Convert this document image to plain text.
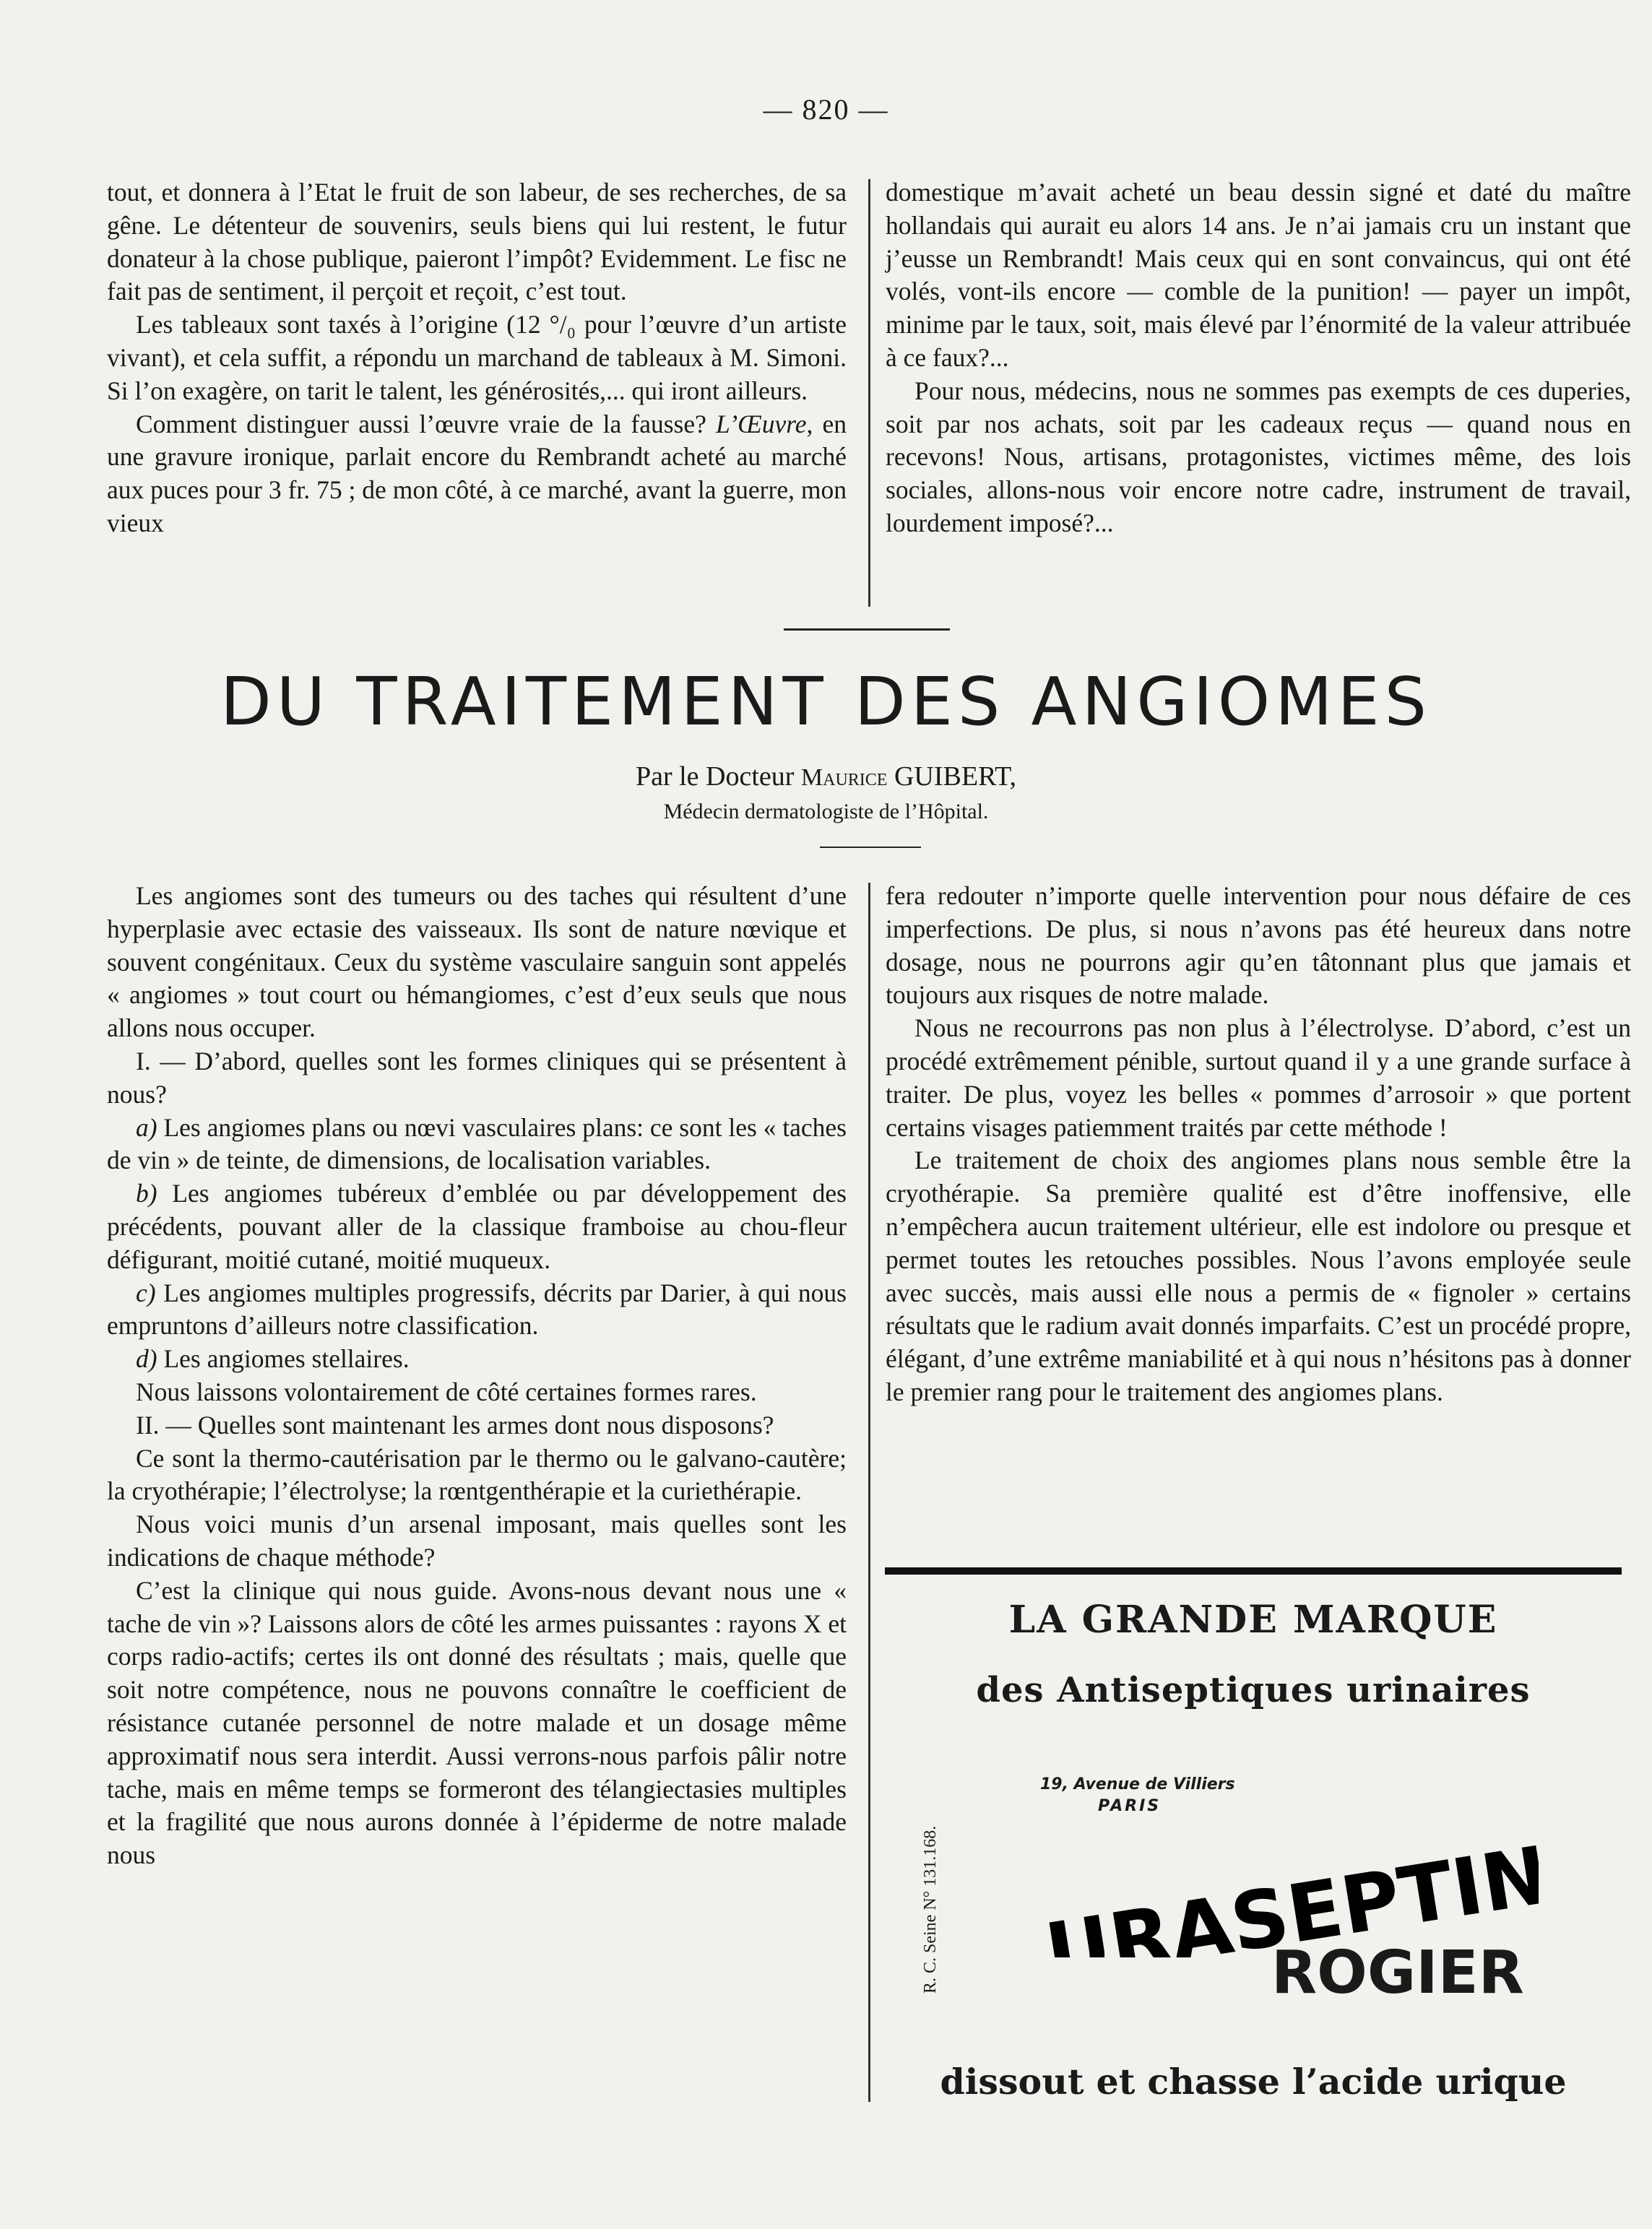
— 820 —

tout, et donnera à l’Etat le fruit de son labeur, de ses recherches, de sa gêne. Le détenteur de souvenirs, seuls biens qui lui restent, le futur donateur à la chose publique, paieront l’impôt? Evidemment. Le fisc ne fait pas de sentiment, il perçoit et reçoit, c’est tout.

Les tableaux sont taxés à l’origine (12 °/₀ pour l’œuvre d’un artiste vivant), et cela suffit, a répondu un marchand de tableaux à M. Simoni. Si l’on exagère, on tarit le talent, les générosités,... qui iront ailleurs.

Comment distinguer aussi l’œuvre vraie de la fausse? L’Œuvre, en une gravure ironique, parlait encore du Rembrandt acheté au marché aux puces pour 3 fr. 75 ; de mon côté, à ce marché, avant la guerre, mon vieux

domestique m’avait acheté un beau dessin signé et daté du maître hollandais qui aurait eu alors 14 ans. Je n’ai jamais cru un instant que j’eusse un Rembrandt! Mais ceux qui en sont convaincus, qui ont été volés, vont-ils encore — comble de la punition! — payer un impôt, minime par le taux, soit, mais élevé par l’énormité de la valeur attribuée à ce faux?...

Pour nous, médecins, nous ne sommes pas exempts de ces duperies, soit par nos achats, soit par les cadeaux reçus — quand nous en recevons! Nous, artisans, protagonistes, victimes même, des lois sociales, allons-nous voir encore notre cadre, instrument de travail, lourdement imposé?...

DU TRAITEMENT DES ANGIOMES
Par le Docteur Maurice GUIBERT,
Médecin dermatologiste de l’Hôpital.

Les angiomes sont des tumeurs ou des taches qui résultent d’une hyperplasie avec ectasie des vaisseaux. Ils sont de nature nœvique et souvent congénitaux. Ceux du système vasculaire sanguin sont appelés « angiomes » tout court ou hémangiomes, c’est d’eux seuls que nous allons nous occuper.

I. — D’abord, quelles sont les formes cliniques qui se présentent à nous?

a) Les angiomes plans ou nœvi vasculaires plans: ce sont les « taches de vin » de teinte, de dimensions, de localisation variables.

b) Les angiomes tubéreux d’emblée ou par développement des précédents, pouvant aller de la classique framboise au chou-fleur défigurant, moitié cutané, moitié muqueux.

c) Les angiomes multiples progressifs, décrits par Darier, à qui nous empruntons d’ailleurs notre classification.

d) Les angiomes stellaires.

Nous laissons volontairement de côté certaines formes rares.

II. — Quelles sont maintenant les armes dont nous disposons?

Ce sont la thermo-cautérisation par le thermo ou le galvano-cautère; la cryothérapie; l’électrolyse; la rœntgenthérapie et la curiethérapie.

Nous voici munis d’un arsenal imposant, mais quelles sont les indications de chaque méthode?

C’est la clinique qui nous guide. Avons-nous devant nous une « tache de vin »? Laissons alors de côté les armes puissantes : rayons X et corps radio-actifs; certes ils ont donné des résultats ; mais, quelle que soit notre compétence, nous ne pouvons connaître le coefficient de résistance cutanée personnel de notre malade et un dosage même approximatif nous sera interdit. Aussi verrons-nous parfois pâlir notre tache, mais en même temps se formeront des télangiectasies multiples et la fragilité que nous aurons donnée à l’épiderme de notre malade nous

fera redouter n’importe quelle intervention pour nous défaire de ces imperfections. De plus, si nous n’avons pas été heureux dans notre dosage, nous ne pourrons agir qu’en tâtonnant plus que jamais et toujours aux risques de notre malade.

Nous ne recourrons pas non plus à l’électrolyse. D’abord, c’est un procédé extrêmement pénible, surtout quand il y a une grande surface à traiter. De plus, voyez les belles « pommes d’arrosoir » que portent certains visages patiemment traités par cette méthode !

Le traitement de choix des angiomes plans nous semble être la cryothérapie. Sa première qualité est d’être inoffensive, elle n’empêchera aucun traitement ultérieur, elle est indolore ou presque et permet toutes les retouches possibles. Nous l’avons employée seule avec succès, mais aussi elle nous a permis de « fignoler » certains résultats que le radium avait donnés imparfaits. C’est un procédé propre, élégant, d’une extrême maniabilité et à qui nous n’hésitons pas à donner le premier rang pour le traitement des angiomes plans.

LA GRANDE MARQUE
des Antiseptiques urinaires
R. C. Seine N° 131.168.
19, Avenue de Villiers
PARIS
URASEPTINE
ROGIER
dissout et chasse l’acide urique
